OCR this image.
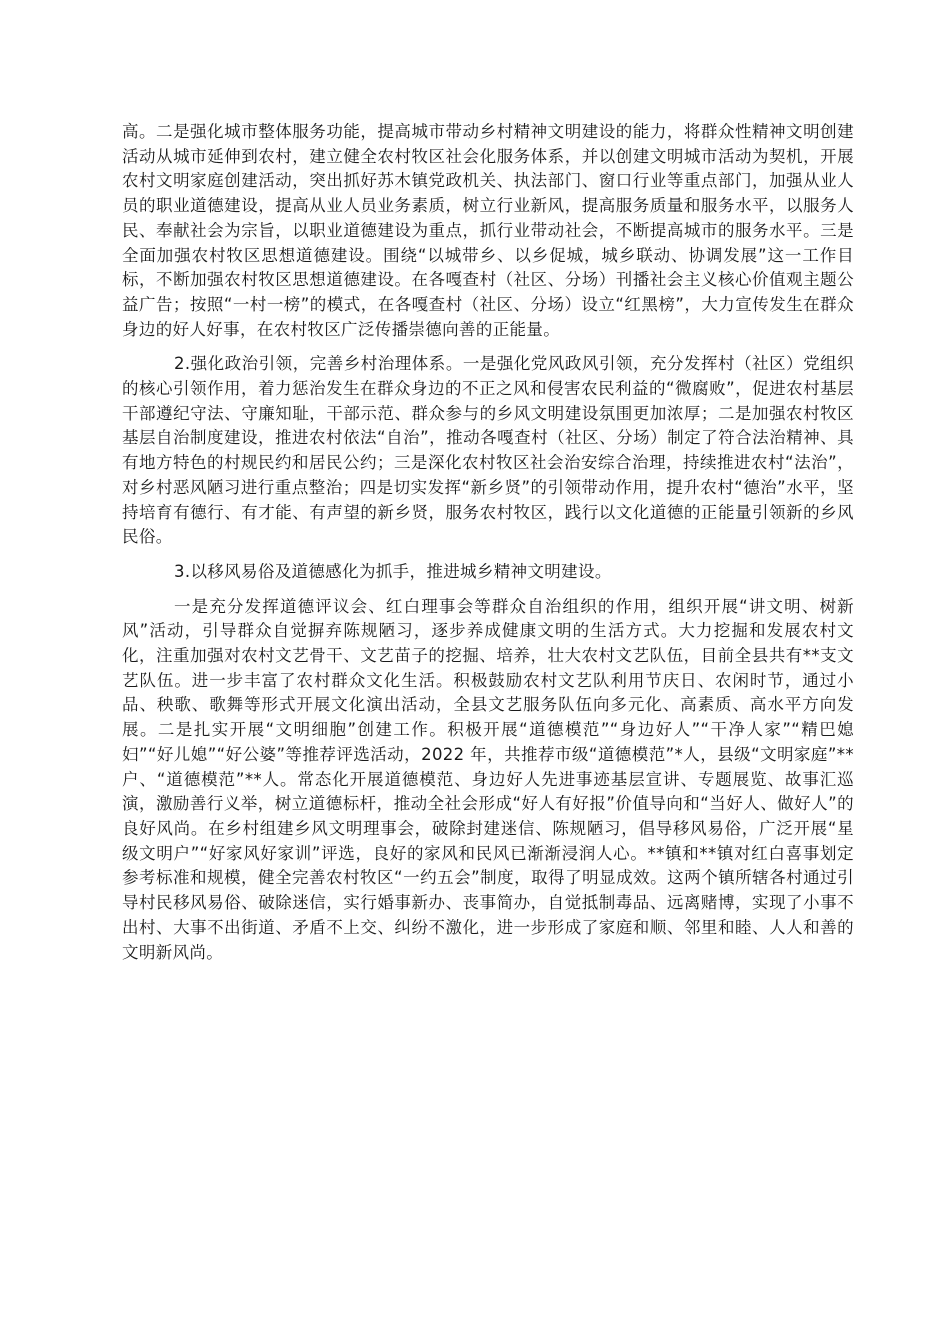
高。二是强化城市整体服务功能，提高城市带动乡村精神文明建设的能力，将群众性精神文明创建活动从城市延伸到农村，建立健全农村牧区社会化服务体系，并以创建文明城市活动为契机，开展农村文明家庭创建活动，突出抓好苏木镇党政机关、执法部门、窗口行业等重点部门，加强从业人员的职业道德建设，提高从业人员业务素质，树立行业新风，提高服务质量和服务水平，以服务人民、奉献社会为宗旨，以职业道德建设为重点，抓行业带动社会，不断提高城市的服务水平。三是全面加强农村牧区思想道德建设。围绕“以城带乡、以乡促城，城乡联动、协调发展”这一工作目标，不断加强农村牧区思想道德建设。在各嘎查村（社区、分场）刊播社会主义核心价值观主题公益广告；按照“一村一榜”的模式，在各嘎查村（社区、分场）设立“红黑榜”，大力宣传发生在群众身边的好人好事，在农村牧区广泛传播崇德向善的正能量。

2.强化政治引领，完善乡村治理体系。一是强化党风政风引领，充分发挥村（社区）党组织的核心引领作用，着力惩治发生在群众身边的不正之风和侵害农民利益的“微腐败”，促进农村基层干部遵纪守法、守廉知耻，干部示范、群众参与的乡风文明建设氛围更加浓厚；二是加强农村牧区基层自治制度建设，推进农村依法“自治”，推动各嘎查村（社区、分场）制定了符合法治精神、具有地方特色的村规民约和居民公约；三是深化农村牧区社会治安综合治理，持续推进农村“法治”，对乡村恶风陋习进行重点整治；四是切实发挥“新乡贤”的引领带动作用，提升农村“德治”水平，坚持培育有德行、有才能、有声望的新乡贤，服务农村牧区，践行以文化道德的正能量引领新的乡风民俗。

3.以移风易俗及道德感化为抓手，推进城乡精神文明建设。

一是充分发挥道德评议会、红白理事会等群众自治组织的作用，组织开展“讲文明、树新风”活动，引导群众自觉摒弃陈规陋习，逐步养成健康文明的生活方式。大力挖掘和发展农村文化，注重加强对农村文艺骨干、文艺苗子的挖掘、培养，壮大农村文艺队伍，目前全县共有**支文艺队伍。进一步丰富了农村群众文化生活。积极鼓励农村文艺队利用节庆日、农闲时节，通过小品、秧歌、歌舞等形式开展文化演出活动，全县文艺服务队伍向多元化、高素质、高水平方向发展。二是扎实开展“文明细胞”创建工作。积极开展“道德模范”“身边好人”“干净人家”“精巴媳妇”“好儿媳”“好公婆”等推荐评选活动，2022 年，共推荐市级“道德模范”*人，县级“文明家庭”**户、“道德模范”**人。常态化开展道德模范、身边好人先进事迹基层宣讲、专题展览、故事汇巡演，激励善行义举，树立道德标杆，推动全社会形成“好人有好报”价值导向和“当好人、做好人”的良好风尚。在乡村组建乡风文明理事会，破除封建迷信、陈规陋习，倡导移风易俗，广泛开展“星级文明户”“好家风好家训”评选，良好的家风和民风已渐渐浸润人心。**镇和**镇对红白喜事划定参考标准和规模，健全完善农村牧区“一约五会”制度，取得了明显成效。这两个镇所辖各村通过引导村民移风易俗、破除迷信，实行婚事新办、丧事简办，自觉抵制毒品、远离赌博，实现了小事不出村、大事不出街道、矛盾不上交、纠纷不激化，进一步形成了家庭和顺、邻里和睦、人人和善的文明新风尚。
